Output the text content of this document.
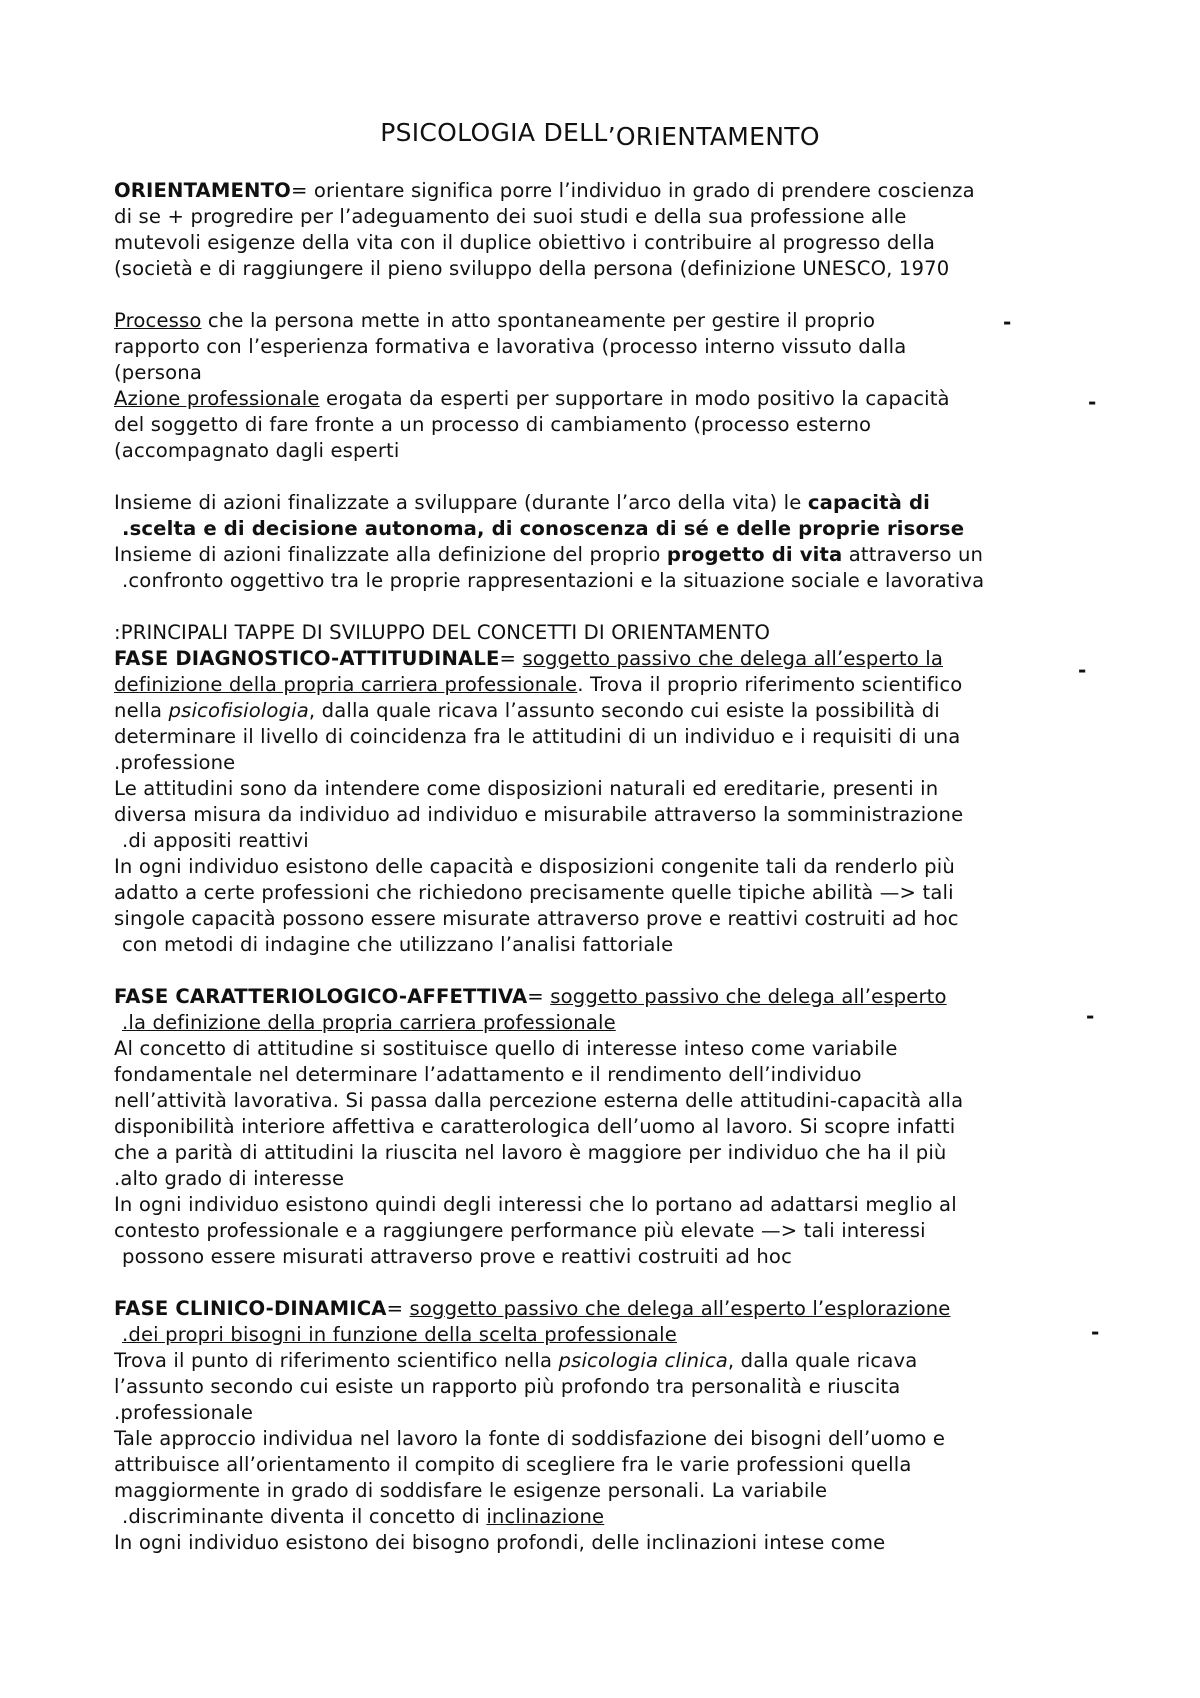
PSICOLOGIA DELL’ORIENTAMENTO
ORIENTAMENTO= orientare significa porre l’individuo in grado di prendere coscienza
di se + progredire per l’adeguamento dei suoi studi e della sua professione alle
mutevoli esigenze della vita con il duplice obiettivo i contribuire al progresso della
(società e di raggiungere il pieno sviluppo della persona (definizione UNESCO, 1970
Processo che la persona mette in atto spontaneamente per gestire il proprio
rapporto con l’esperienza formativa e lavorativa (processo interno vissuto dalla
(persona
Azione professionale erogata da esperti per supportare in modo positivo la capacità
del soggetto di fare fronte a un processo di cambiamento (processo esterno
(accompagnato dagli esperti
Insieme di azioni finalizzate a sviluppare (durante l’arco della vita) le capacità di
.scelta e di decisione autonoma, di conoscenza di sé e delle proprie risorse
Insieme di azioni finalizzate alla definizione del proprio progetto di vita attraverso un
.confronto oggettivo tra le proprie rappresentazioni e la situazione sociale e lavorativa
:PRINCIPALI TAPPE DI SVILUPPO DEL CONCETTI DI ORIENTAMENTO
FASE DIAGNOSTICO-ATTITUDINALE= soggetto passivo che delega all’esperto la
definizione della propria carriera professionale. Trova il proprio riferimento scientifico
nella psicofisiologia, dalla quale ricava l’assunto secondo cui esiste la possibilità di
determinare il livello di coincidenza fra le attitudini di un individuo e i requisiti di una
.professione
Le attitudini sono da intendere come disposizioni naturali ed ereditarie, presenti in
diversa misura da individuo ad individuo e misurabile attraverso la somministrazione
.di appositi reattivi
In ogni individuo esistono delle capacità e disposizioni congenite tali da renderlo più
adatto a certe professioni che richiedono precisamente quelle tipiche abilità —> tali
singole capacità possono essere misurate attraverso prove e reattivi costruiti ad hoc
con metodi di indagine che utilizzano l’analisi fattoriale
FASE CARATTERIOLOGICO-AFFETTIVA= soggetto passivo che delega all’esperto
.la definizione della propria carriera professionale
Al concetto di attitudine si sostituisce quello di interesse inteso come variabile
fondamentale nel determinare l’adattamento e il rendimento dell’individuo
nell’attività lavorativa. Si passa dalla percezione esterna delle attitudini-capacità alla
disponibilità interiore affettiva e caratterologica dell’uomo al lavoro. Si scopre infatti
che a parità di attitudini la riuscita nel lavoro è maggiore per individuo che ha il più
.alto grado di interesse
In ogni individuo esistono quindi degli interessi che lo portano ad adattarsi meglio al
contesto professionale e a raggiungere performance più elevate —> tali interessi
possono essere misurati attraverso prove e reattivi costruiti ad hoc
FASE CLINICO-DINAMICA= soggetto passivo che delega all’esperto l’esplorazione
.dei propri bisogni in funzione della scelta professionale
Trova il punto di riferimento scientifico nella psicologia clinica, dalla quale ricava
l’assunto secondo cui esiste un rapporto più profondo tra personalità e riuscita
.professionale
Tale approccio individua nel lavoro la fonte di soddisfazione dei bisogni dell’uomo e
attribuisce all’orientamento il compito di scegliere fra le varie professioni quella
maggiormente in grado di soddisfare le esigenze personali. La variabile
.discriminante diventa il concetto di inclinazione
In ogni individuo esistono dei bisogno profondi, delle inclinazioni intese come
-
-
-
-
-
